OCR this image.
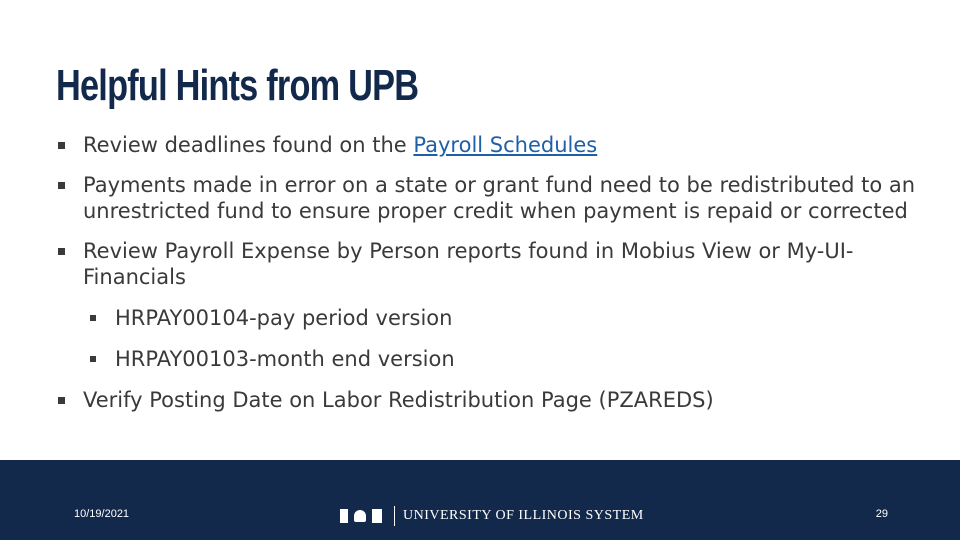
Helpful Hints from UPB
Review deadlines found on the Payroll Schedules
Payments made in error on a state or grant fund need to be redistributed to an unrestricted fund to ensure proper credit when payment is repaid or corrected
Review Payroll Expense by Person reports found in Mobius View or My-UI-Financials
HRPAY00104-pay period version
HRPAY00103-month end version
Verify Posting Date on Labor Redistribution Page (PZAREDS)
10/19/2021	UNIVERSITY OF ILLINOIS SYSTEM	29
